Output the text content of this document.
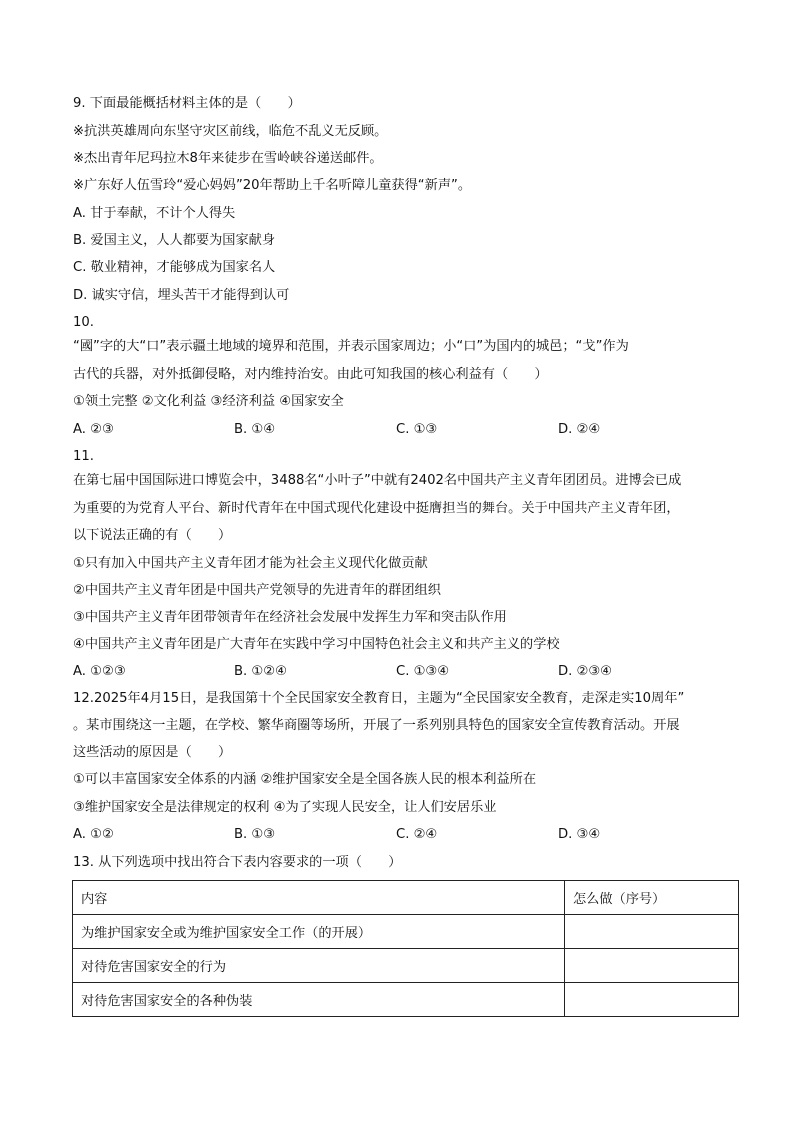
9. 下面最能概括材料主体的是（　　）
※抗洪英雄周向东坚守灾区前线，临危不乱义无反顾。
※杰出青年尼玛拉木8年来徒步在雪岭峡谷递送邮件。
※广东好人伍雪玲“爱心妈妈”20年帮助上千名听障儿童获得“新声”。
A. 甘于奉献，不计个人得失
B. 爱国主义，人人都要为国家献身
C. 敬业精神，才能够成为国家名人
D. 诚实守信，埋头苦干才能得到认可
10.
“國”字的大“口”表示疆土地域的境界和范围，并表示国家周边；小“口”为国内的城邑；“戈”作为
古代的兵器，对外抵御侵略，对内维持治安。由此可知我国的核心利益有（　　）
①领土完整 ②文化利益 ③经济利益 ④国家安全
A. ②③	B. ①④	C. ①③	D. ②④
11.
在第七届中国国际进口博览会中，3488名“小叶子”中就有2402名中国共产主义青年团团员。进博会已成
为重要的为党育人平台、新时代青年在中国式现代化建设中挺膺担当的舞台。关于中国共产主义青年团，
以下说法正确的有（　　）
①只有加入中国共产主义青年团才能为社会主义现代化做贡献
②中国共产主义青年团是中国共产党领导的先进青年的群团组织
③中国共产主义青年团带领青年在经济社会发展中发挥生力军和突击队作用
④中国共产主义青年团是广大青年在实践中学习中国特色社会主义和共产主义的学校
A. ①②③	B. ①②④	C. ①③④	D. ②③④
12.2025年4月15日，是我国第十个全民国家安全教育日，主题为“全民国家安全教育，走深走实10周年”
。某市围绕这一主题，在学校、繁华商圈等场所，开展了一系列别具特色的国家安全宣传教育活动。开展
这些活动的原因是（　　）
①可以丰富国家安全体系的内涵 ②维护国家安全是全国各族人民的根本利益所在
③维护国家安全是法律规定的权利 ④为了实现人民安全，让人们安居乐业
A. ①②	B. ①③	C. ②④	D. ③④
13. 从下列选项中找出符合下表内容要求的一项（　　）
内容	怎么做（序号）
为维护国家安全或为维护国家安全工作（的开展）	
对待危害国家安全的行为	
对待危害国家安全的各种伪装	
